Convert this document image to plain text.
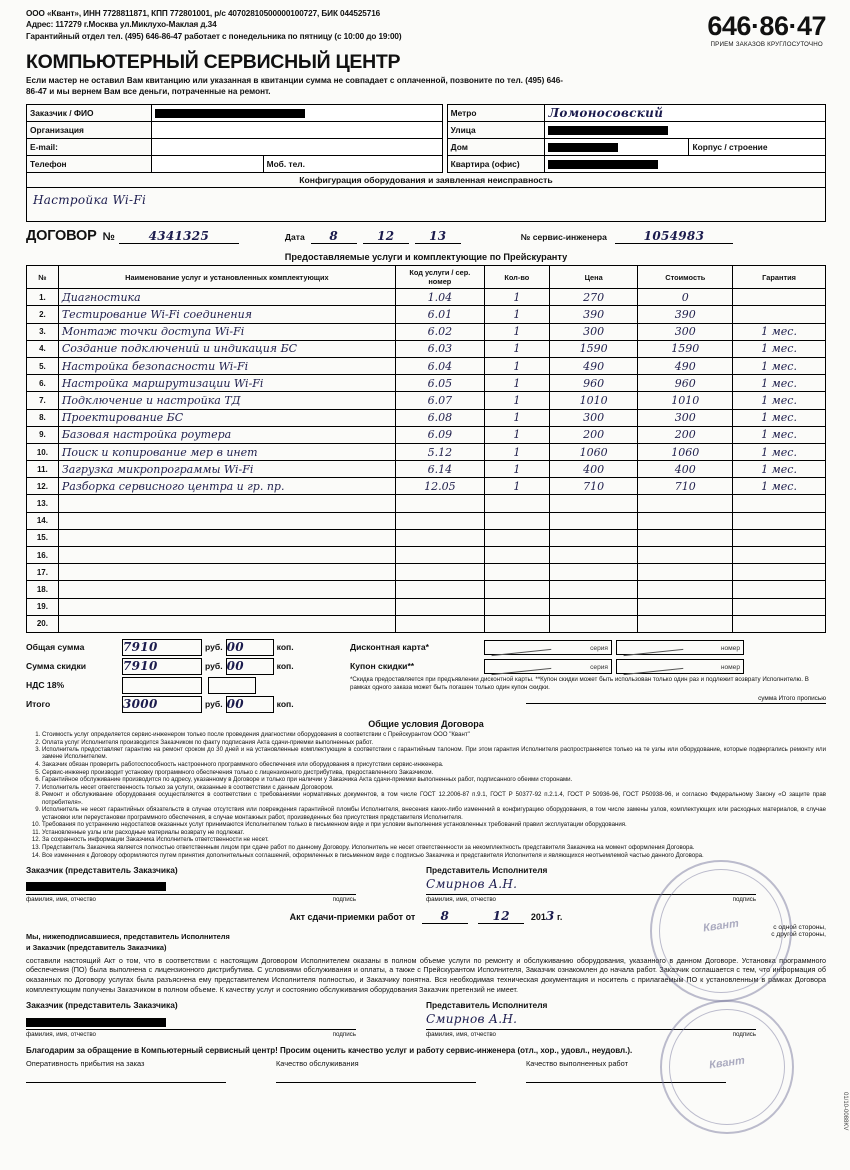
ООО «Квант», ИНН 7728811871, КПП 772801001, р/с 40702810500000100727, БИК 044525716
Адрес: 117279 г.Москва ул.Миклухо-Маклая д.34
Гарантийный отдел тел. (495) 646-86-47 работает с понедельника по пятницу (с 10:00 до 19:00)	646·86·47
ПРИЕМ ЗАКАЗОВ КРУГЛОСУТОЧНО
КОМПЬЮТЕРНЫЙ СЕРВИСНЫЙ ЦЕНТР
Если мастер не оставил Вам квитанцию или указанная в квитанции сумма не совпадает с оплаченной, позвоните по тел. (495) 646-86-47 и мы вернем Вам все деньги, потраченные на ремонт.
Заказчик / ФИО	
Организация	
E-mail:	
Телефон	
		Моб. тел.
Метро	Ломоносовский
Улица	
Дом	
		Корпус / строение

Квартира (офис)	
Конфигурация оборудования и заявленная неисправность
Настройка Wi-Fi
ДОГОВОР №	4341325	Дата	8	12	13	№ сервис-инженера	1054983
Предоставляемые услуги и комплектующие по Прейскуранту
№	Наименование услуг и установленных комплектующих	Код услуги / сер. номер	Кол-во	Цена	Стоимость	Гарантия
1.	Диагностика	1.04	1	270	0	

2.	Тестирование Wi-Fi соединения	6.01	1	390	390	

3.	Монтаж точки доступа Wi-Fi	6.02	1	300	300	1 мес.

4.	Создание подключений и индикация БС	6.03	1	1590	1590	1 мес.

5.	Настройка безопасности Wi-Fi	6.04	1	490	490	1 мес.

6.	Настройка маршрутизации Wi-Fi	6.05	1	960	960	1 мес.

7.	Подключение и настройка ТД	6.07	1	1010	1010	1 мес.

8.	Проектирование БС	6.08	1	300	300	1 мес.

9.	Базовая настройка роутера	6.09	1	200	200	1 мес.

10.	Поиск и копирование мер в инет	5.12	1	1060	1060	1 мес.

11.	Загрузка микропрограммы Wi-Fi	6.14	1	400	400	1 мес.

12.	Разборка сервисного центра и гр. пр.	12.05	1	710	710	1 мес.

13.		

14.		

15.		

16.		

17.		

18.		

19.		

20.		

Общая сумма	7910	руб. 00	коп.
Сумма скидки	7910	руб. 00	коп.
НДС 18%
Итого	3000	руб. 00	коп.
Дисконтная карта*	серия	номер
Купон скидки**	серия	номер
*Скидка предоставляется при предъявлении дисконтной карты. **Купон скидки может быть использован только один раз и подлежит возврату Исполнителю. В рамках одного заказа может быть погашен только один купон скидки.
сумма Итого прописью
Общие условия Договора
1. Стоимость услуг определяется сервис-инженером только после проведения диагностики оборудования в соответствии с Прейскурантом ООО "Квант"
2. Оплата услуг Исполнителя производится Заказчиком по факту подписания Акта сдачи-приемки выполненных работ.
3. Исполнитель предоставляет гарантию на ремонт сроком до 30 дней и на установленные комплектующие в соответствии с гарантийным талоном. При этом гарантия Исполнителя распространяется только на те узлы или оборудование, которые подвергались ремонту или замене Исполнителем.
4. Заказчик обязан проверить работоспособность настроенного программного обеспечения или оборудования в присутствии сервис-инженера.
5. Сервис-инженер производит установку программного обеспечения только с лицензионного дистрибутива, предоставленного Заказчиком.
6. Гарантийное обслуживание производится по адресу, указанному в Договоре и только при наличии у Заказчика Акта сдачи-приемки выполненных работ, подписанного обеими сторонами.
7. Исполнитель несет ответственность только за услуги, оказанные в соответствии с данным Договором.
8. Ремонт и обслуживание оборудования осуществляется в соответствии с требованиями нормативных документов, в том числе ГОСТ 12.2006-87 п.9.1, ГОСТ Р 50377-92 п.2.1.4, ГОСТ Р 50936-96, ГОСТ Р50938-96, и согласно Федеральному Закону «О защите прав потребителя».
9. Исполнитель не несет гарантийных обязательств в случае отсутствия или повреждения гарантийной пломбы Исполнителя, внесения каких-либо изменений в конфигурацию оборудования, в том числе замены узлов, комплектующих или расходных материалов, в случае установки или переустановки программного обеспечения, в случае монтажных работ, произведенных без присутствия представителя Исполнителя.
10. Требования по устранению недостатков оказанных услуг принимаются Исполнителем только в письменном виде и при условии выполнения установленных требований правил эксплуатации оборудования.
11. Установленные узлы или расходные материалы возврату не подлежат.
12. За сохранность информации Заказчика Исполнитель ответственности не несет.
13. Представитель Заказчика является полностью ответственным лицом при сдаче работ по данному Договору. Исполнитель не несет ответственности за некомплектность представителя Заказчика на момент оформления Договора.
14. Все изменения к Договору оформляются путем принятия дополнительных соглашений, оформленных в письменном виде с подписью Заказчика и представителя Исполнителя и являющихся неотъемлемой частью данного Договора.
Заказчик (представитель Заказчика)
фамилия, имя, отчество	подпись
Представитель Исполнителя
Смирнов А.Н.
фамилия, имя, отчество	подпись
Акт сдачи-приемки работ от 8	12 2013 г.
с одной стороны,
Мы, нижеподписавшиеся, представитель Исполнителя
и Заказчик (представитель Заказчика)
с другой стороны,
составили настоящий Акт о том, что в соответствии с настоящим Договором Исполнителем оказаны в полном объеме услуги по ремонту и обслуживанию оборудования, указанного в данном Договоре. Установка программного обеспечения (ПО) была выполнена с лицензионного дистрибутива. С условиями обслуживания и оплаты, а также с Прейскурантом Исполнителя, Заказчик ознакомлен до начала работ. Заказчик соглашается с тем, что информация об оказанных по Договору услугах была разъяснена ему представителем Исполнителя полностью, и Заказчику понятна. Вся необходимая техническая документация и носитель с прилагаемым ПО к установленным в рамках Договора комплектующим получены Заказчиком в полном объеме. К качеству услуг и состоянию обслуживания оборудования Заказчик претензий не имеет.
Заказчик (представитель Заказчика)
фамилия, имя, отчество	подпись
Представитель Исполнителя
Смирнов А.Н.
фамилия, имя, отчество	подпись
Благодарим за обращение в Компьютерный сервисный центр! Просим оценить качество услуг и работу сервис-инженера (отл., хор., удовл., неудовл.).
Оперативность прибытия на заказ	Качество обслуживания	Качество выполненных работ
Квант
Квант
01/10-0088KV
